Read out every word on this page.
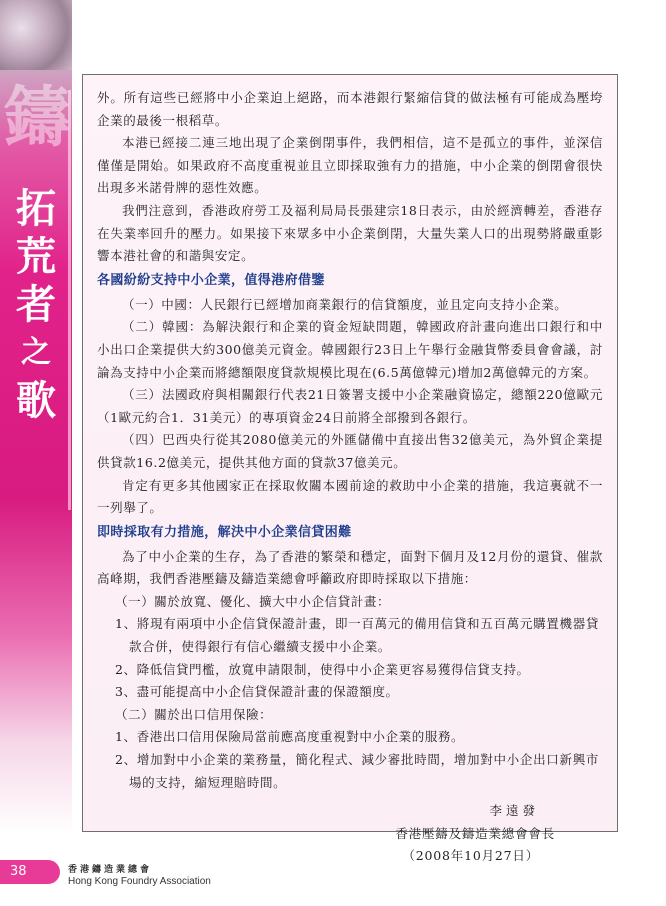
鑄
拓
荒
者
之
歌

外。所有這些已經將中小企業迫上絕路，而本港銀行緊縮信貸的做法極有可能成為壓垮企業的最後一根稻草。

本港已經接二連三地出現了企業倒閉事件，我們相信，這不是孤立的事件，並深信僅僅是開始。如果政府不高度重視並且立即採取強有力的措施，中小企業的倒閉會很快出現多米諾骨牌的惡性效應。

我們注意到，香港政府勞工及福利局局長張建宗18日表示，由於經濟轉差，香港存在失業率回升的壓力。如果接下來眾多中小企業倒閉，大量失業人口的出現勢將嚴重影響本港社會的和諧與安定。

各國紛紛支持中小企業，值得港府借鑒

（一）中國：人民銀行已經增加商業銀行的信貸額度，並且定向支持小企業。

（二）韓國：為解決銀行和企業的資金短缺問題，韓國政府計畫向進出口銀行和中小出口企業提供大約300億美元資金。韓國銀行23日上午舉行金融貨幣委員會會議，討論為支持中小企業而將總額限度貸款規模比現在(6.5萬億韓元)增加2萬億韓元的方案。

（三）法國政府與相關銀行代表21日簽署支援中小企業融資協定，總額220億歐元（1歐元約合1．31美元）的專項資金24日前將全部撥到各銀行。

（四）巴西央行從其2080億美元的外匯儲備中直接出售32億美元，為外貿企業提供貸款16.2億美元，提供其他方面的貸款37億美元。

肯定有更多其他國家正在採取攸關本國前途的救助中小企業的措施，我這裏就不一一列舉了。

即時採取有力措施，解決中小企業信貸困難

為了中小企業的生存，為了香港的繁榮和穩定，面對下個月及12月份的還貸、催款高峰期，我們香港壓鑄及鑄造業總會呼籲政府即時採取以下措施：

（一）關於放寬、優化、擴大中小企信貸計畫：

1、將現有兩項中小企信貸保證計畫，即一百萬元的備用信貸和五百萬元購置機器貸款合併，使得銀行有信心繼續支援中小企業。

2、降低信貸門檻，放寬申請限制，使得中小企業更容易獲得信貸支持。

3、盡可能提高中小企信貸保證計畫的保證額度。

（二）關於出口信用保險：

1、香港出口信用保險局當前應高度重視對中小企業的服務。

2、增加對中小企業的業務量，簡化程式、減少審批時間，增加對中小企出口新興市場的支持，縮短理賠時間。

李遠發

香港壓鑄及鑄造業總會會長

（2008年10月27日）

38	香港鑄造業總會
Hong Kong Foundry Association
